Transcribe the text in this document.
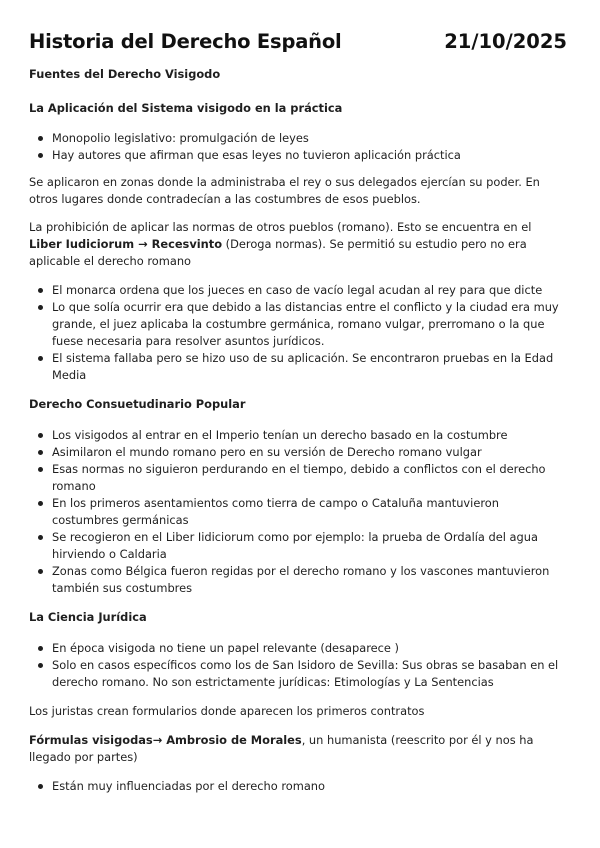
Historia del Derecho Español	21/10/2025

Fuentes del Derecho Visigodo

La Aplicación del Sistema visigodo en la práctica

Monopolio legislativo: promulgación de leyes
Hay autores que afirman que esas leyes no tuvieron aplicación práctica

Se aplicaron en zonas donde la administraba el rey o sus delegados ejercían su poder. En otros lugares donde contradecían a las costumbres de esos pueblos.

La prohibición de aplicar las normas de otros pueblos (romano). Esto se encuentra en el Liber Iudiciorum → Recesvinto (Deroga normas). Se permitió su estudio pero no era aplicable el derecho romano

El monarca ordena que los jueces en caso de vacío legal acudan al rey para que dicte
Lo que solía ocurrir era que debido a las distancias entre el conflicto y la ciudad era muy grande, el juez aplicaba la costumbre germánica, romano vulgar, prerromano o la que fuese necesaria para resolver asuntos jurídicos.
El sistema fallaba pero se hizo uso de su aplicación. Se encontraron pruebas en la Edad Media

Derecho Consuetudinario Popular

Los visigodos al entrar en el Imperio tenían un derecho basado en la costumbre
Asimilaron el mundo romano pero en su versión de Derecho romano vulgar
Esas normas no siguieron perdurando en el tiempo, debido a conflictos con el derecho romano
En los primeros asentamientos como tierra de campo o Cataluña mantuvieron costumbres germánicas
Se recogieron en el Liber Iidiciorum como por ejemplo: la prueba de Ordalía del agua hirviendo o Caldaria
Zonas como Bélgica fueron regidas por el derecho romano y los vascones mantuvieron también sus costumbres

La Ciencia Jurídica

En época visigoda no tiene un papel relevante (desaparece )
Solo en casos específicos como los de San Isidoro de Sevilla: Sus obras se basaban en el derecho romano. No son estrictamente jurídicas: Etimologías y La Sentencias

Los juristas crean formularios donde aparecen los primeros contratos

Fórmulas visigodas→ Ambrosio de Morales, un humanista (reescrito por él y nos ha llegado por partes)

Están muy influenciadas por el derecho romano
